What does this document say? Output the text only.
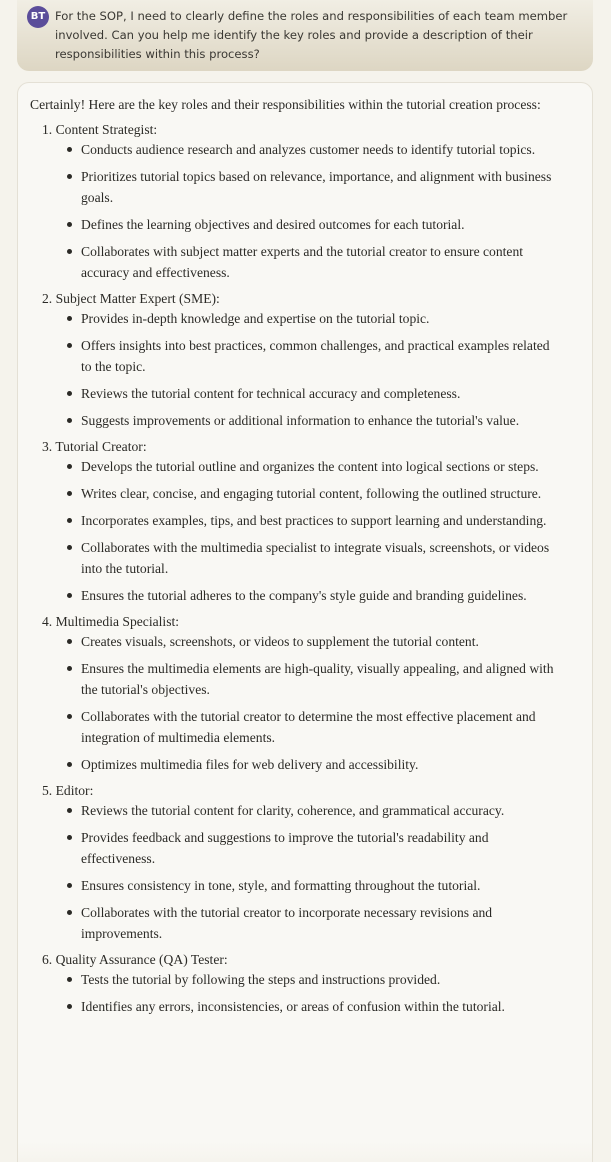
BT For the SOP, I need to clearly define the roles and responsibilities of each team member involved. Can you help me identify the key roles and provide a description of their responsibilities within this process?

Certainly! Here are the key roles and their responsibilities within the tutorial creation process:

1. Content Strategist:
Conducts audience research and analyzes customer needs to identify tutorial topics.
Prioritizes tutorial topics based on relevance, importance, and alignment with business goals.
Defines the learning objectives and desired outcomes for each tutorial.
Collaborates with subject matter experts and the tutorial creator to ensure content accuracy and effectiveness.
2. Subject Matter Expert (SME):
Provides in-depth knowledge and expertise on the tutorial topic.
Offers insights into best practices, common challenges, and practical examples related to the topic.
Reviews the tutorial content for technical accuracy and completeness.
Suggests improvements or additional information to enhance the tutorial's value.
3. Tutorial Creator:
Develops the tutorial outline and organizes the content into logical sections or steps.
Writes clear, concise, and engaging tutorial content, following the outlined structure.
Incorporates examples, tips, and best practices to support learning and understanding.
Collaborates with the multimedia specialist to integrate visuals, screenshots, or videos into the tutorial.
Ensures the tutorial adheres to the company's style guide and branding guidelines.
4. Multimedia Specialist:
Creates visuals, screenshots, or videos to supplement the tutorial content.
Ensures the multimedia elements are high-quality, visually appealing, and aligned with the tutorial's objectives.
Collaborates with the tutorial creator to determine the most effective placement and integration of multimedia elements.
Optimizes multimedia files for web delivery and accessibility.
5. Editor:
Reviews the tutorial content for clarity, coherence, and grammatical accuracy.
Provides feedback and suggestions to improve the tutorial's readability and effectiveness.
Ensures consistency in tone, style, and formatting throughout the tutorial.
Collaborates with the tutorial creator to incorporate necessary revisions and improvements.
6. Quality Assurance (QA) Tester:
Tests the tutorial by following the steps and instructions provided.
Identifies any errors, inconsistencies, or areas of confusion within the tutorial.
